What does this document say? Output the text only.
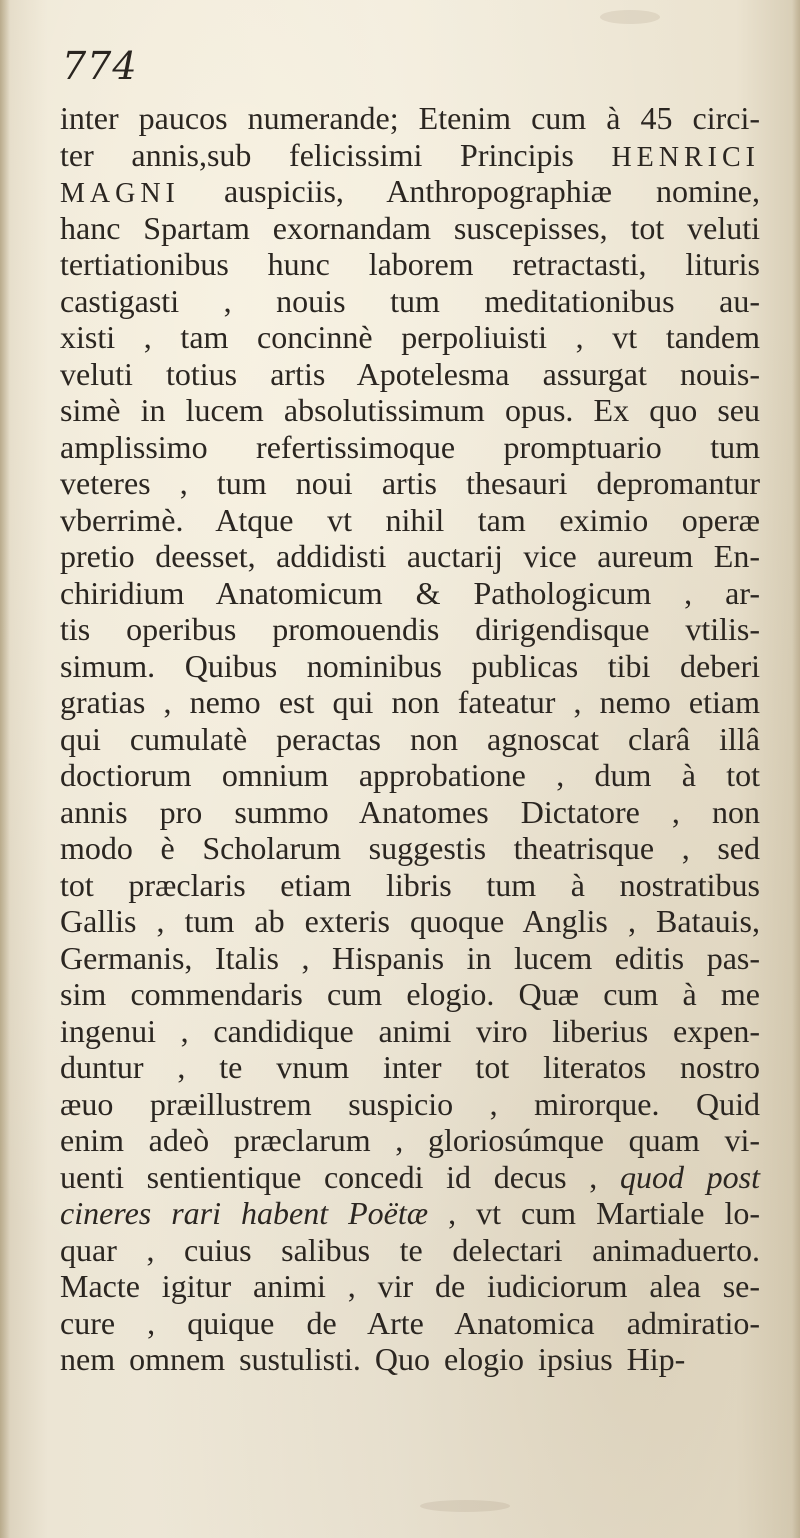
774
inter paucos numerande; Etenim cum à 45 circi-
ter annis,sub felicissimi Principis HENRICI
MAGNI auspiciis, Anthropographiæ nomine,
hanc Spartam exornandam suscepisses, tot veluti
tertiationibus hunc laborem retractasti, lituris
castigasti , nouis tum meditationibus au-
xisti , tam concinnè perpoliuisti , vt tandem
veluti totius artis Apotelesma assurgat nouis-
simè in lucem absolutissimum opus. Ex quo seu
amplissimo refertissimoque promptuario tum
veteres , tum noui artis thesauri depromantur
vberrimè. Atque vt nihil tam eximio operæ
pretio deesset, addidisti auctarij vice aureum En-
chiridium Anatomicum & Pathologicum , ar-
tis operibus promouendis dirigendisque vtilis-
simum. Quibus nominibus publicas tibi deberi
gratias , nemo est qui non fateatur , nemo etiam
qui cumulatè peractas non agnoscat clarâ illâ
doctiorum omnium approbatione , dum à tot
annis pro summo Anatomes Dictatore , non
modo è Scholarum suggestis theatrisque , sed
tot præclaris etiam libris tum à nostratibus
Gallis , tum ab exteris quoque Anglis , Batauis,
Germanis, Italis , Hispanis in lucem editis pas-
sim commendaris cum elogio. Quæ cum à me
ingenui , candidique animi viro liberius expen-
duntur , te vnum inter tot literatos nostro
æuo præillustrem suspicio , mirorque. Quid
enim adeò præclarum , gloriosúmque quam vi-
uenti sentientique concedi id decus , quod post
cineres rari habent Poëtæ , vt cum Martiale lo-
quar , cuius salibus te delectari animaduerto.
Macte igitur animi , vir de iudiciorum alea se-
cure , quique de Arte Anatomica admiratio-
nem omnem sustulisti. Quo elogio ipsius Hip-
